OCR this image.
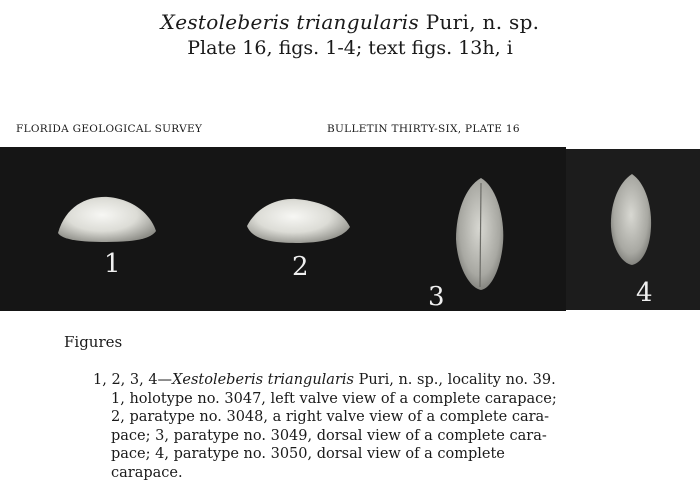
Xestoleberis triangularis Puri, n. sp.
Plate 16, figs. 1-4; text figs. 13h, i
FLORIDA GEOLOGICAL SURVEY	BULLETIN THIRTY-SIX, PLATE 16
1	2
3	4
Figures
1, 2, 3, 4—Xestoleberis triangularis Puri, n. sp., locality no. 39.
1, holotype no. 3047, left valve view of a complete carapace;
2, paratype no. 3048, a right valve view of a complete cara-
pace; 3, paratype no. 3049, dorsal view of a complete cara-
pace; 4, paratype no. 3050, dorsal view of a complete
carapace.
